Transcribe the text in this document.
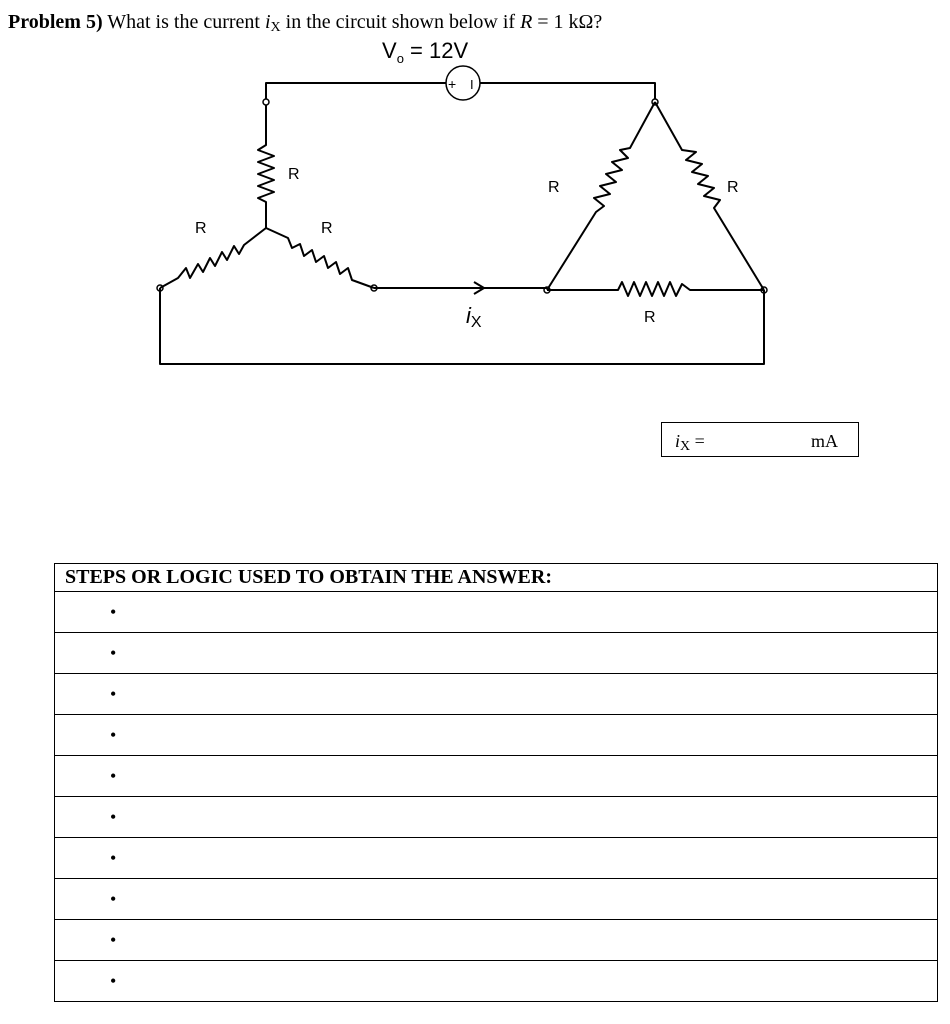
Problem 5) What is the current $i_X$ in the circuit shown below if R = 1 kΩ?
$V_o = 12V$
+ I
R
R	R
iX
R	R
R
$i_X$ =	mA
STEPS OR LOGIC USED TO OBTAIN THE ANSWER:
•
•
•
•
•
•
•
•
•
•
